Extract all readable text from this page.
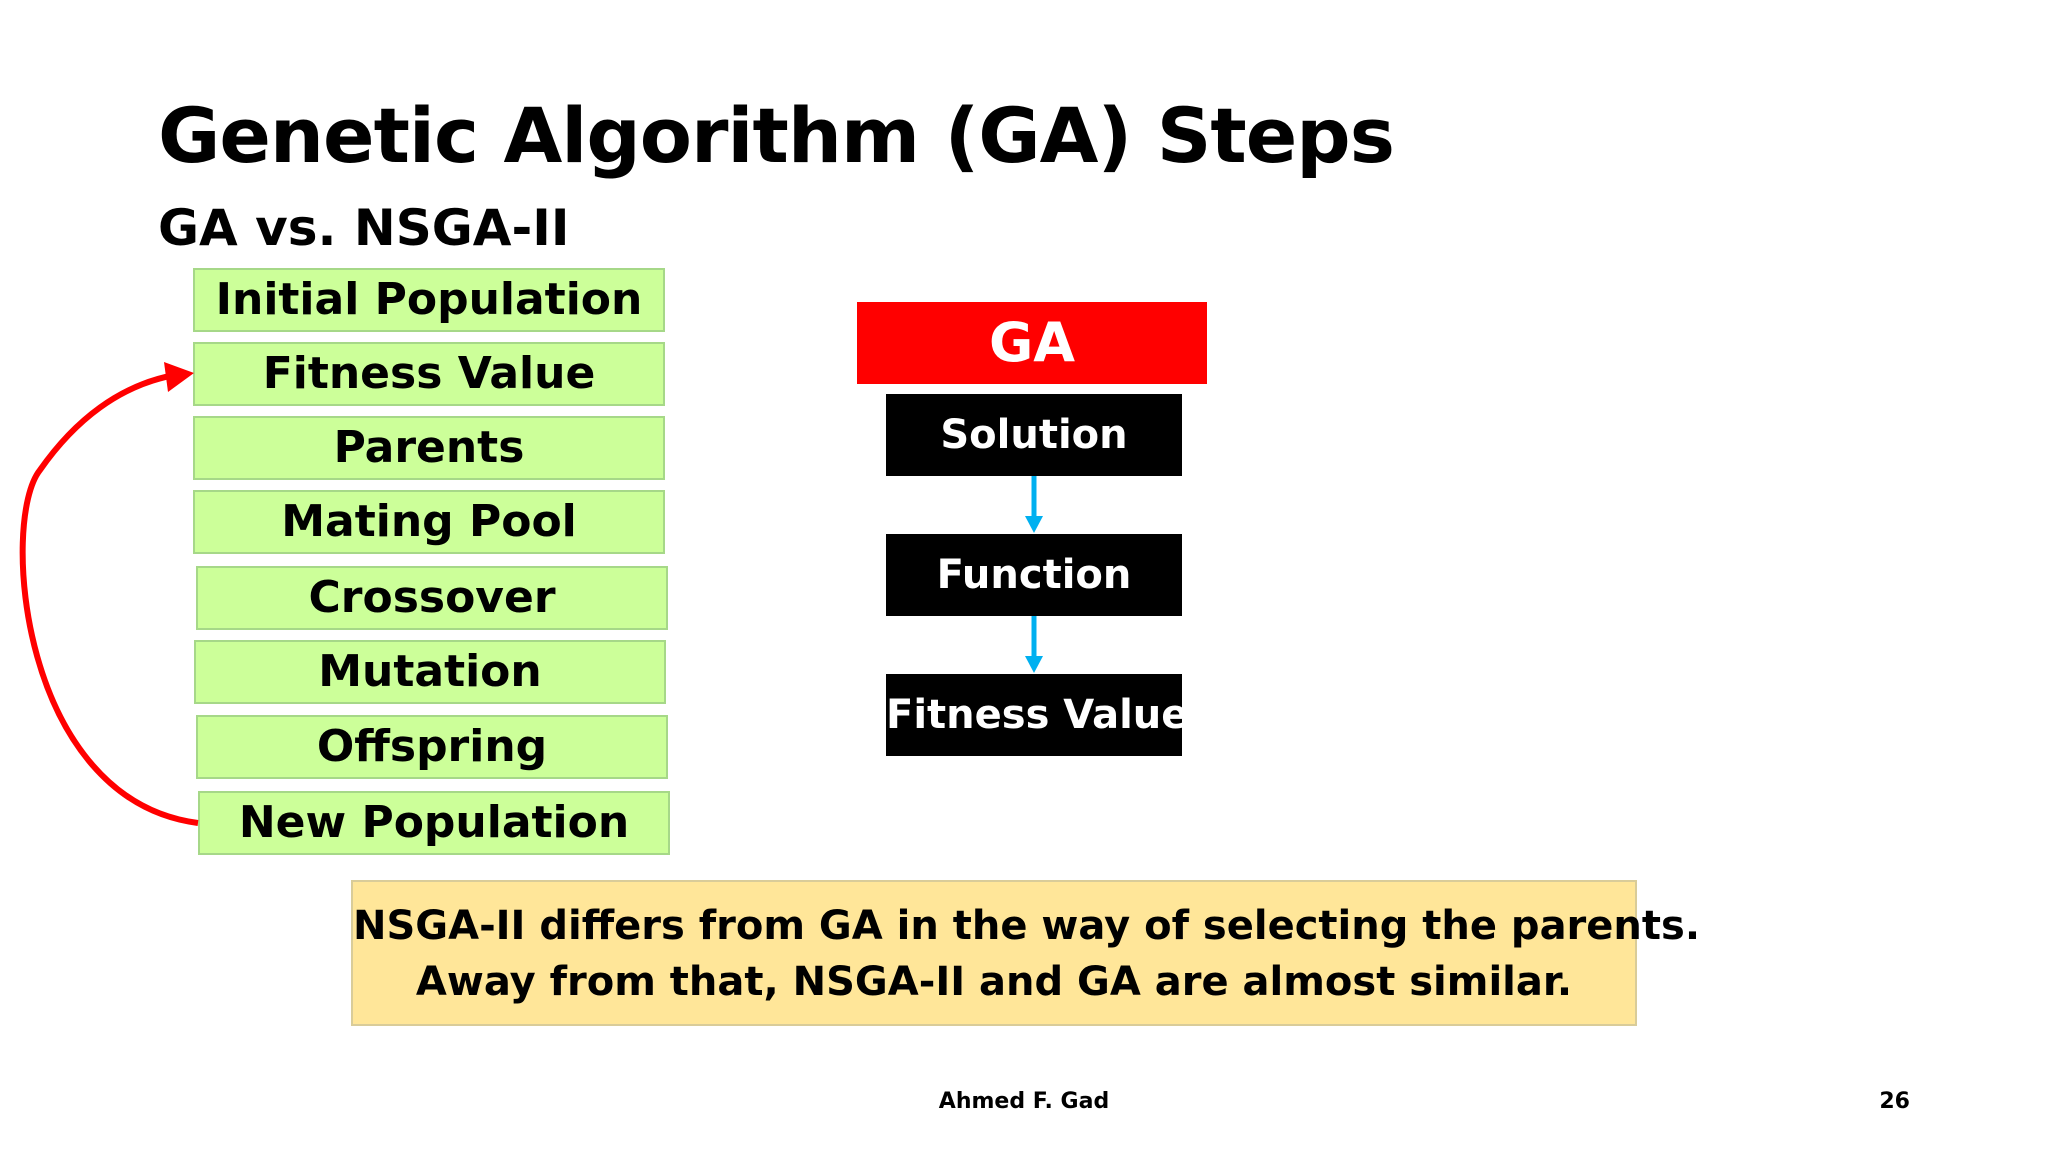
Genetic Algorithm (GA) Steps
GA vs. NSGA-II
Initial Population
Fitness Value
Parents
Mating Pool
Crossover
Mutation
Offspring
New Population
GA
Solution
Function
Fitness Value
NSGA-II differs from GA in the way of selecting the parents.
Away from that, NSGA-II and GA are almost similar.
Ahmed F. Gad	26
